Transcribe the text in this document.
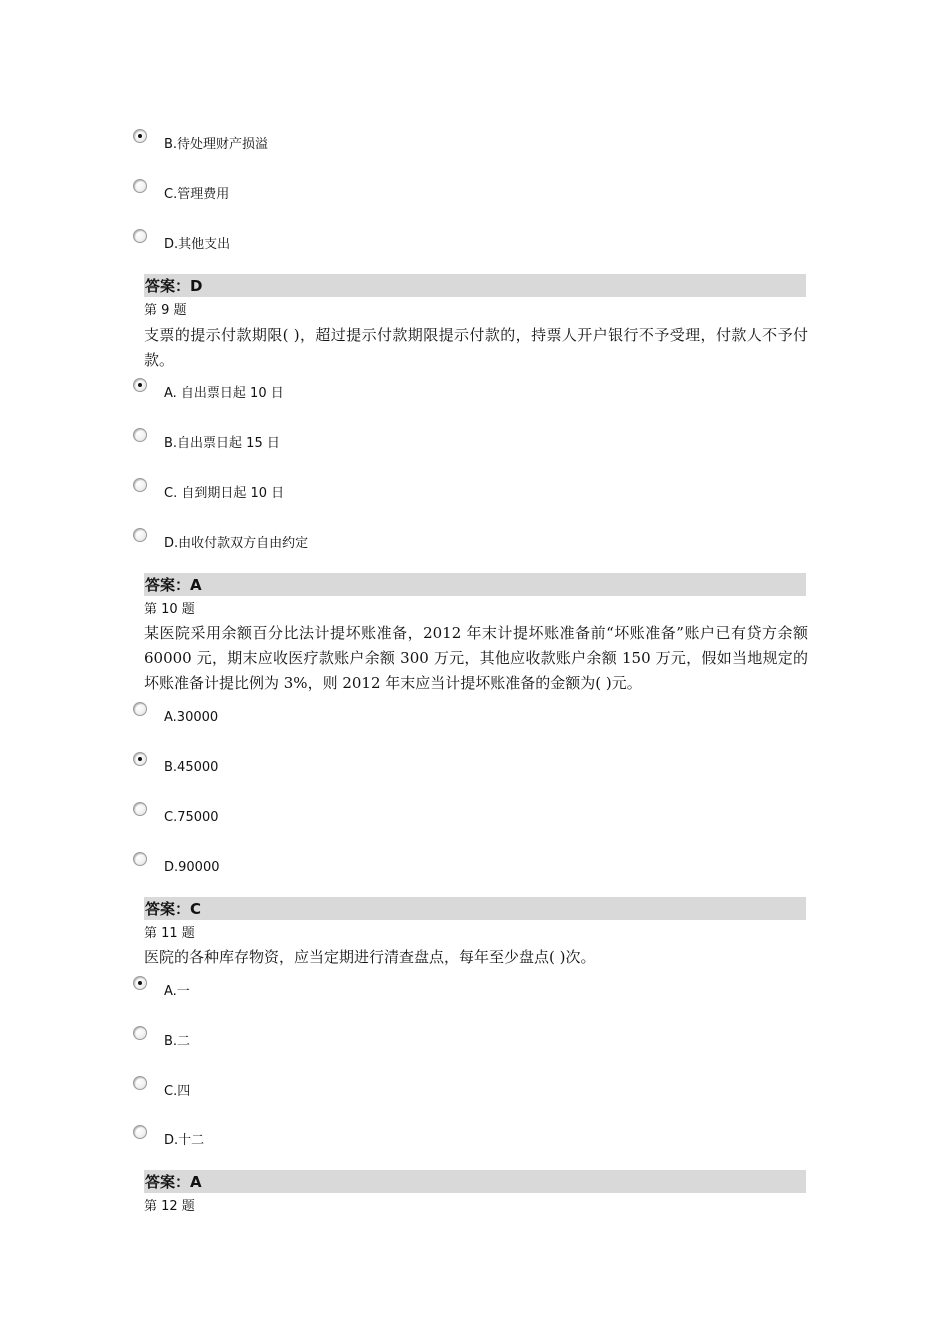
B.待处理财产损溢
C.管理费用
D.其他支出
答案：D
第 9 题
支票的提示付款期限( )，超过提示付款期限提示付款的，持票人开户银行不予受理，付款人不予付款。
A. 自出票日起 10 日
B.自出票日起 15 日
C. 自到期日起 10 日
D.由收付款双方自由约定
答案：A
第 10 题
某医院采用余额百分比法计提坏账准备，2012 年末计提坏账准备前“坏账准备”账户已有贷方余额 60000 元，期末应收医疗款账户余额 300 万元，其他应收款账户余额 150 万元，假如当地规定的坏账准备计提比例为 3%，则 2012 年末应当计提坏账准备的金额为( )元。
A.30000
B.45000
C.75000
D.90000
答案：C
第 11 题
医院的各种库存物资，应当定期进行清查盘点，每年至少盘点( )次。
A.一
B.二
C.四
D.十二
答案：A
第 12 题
